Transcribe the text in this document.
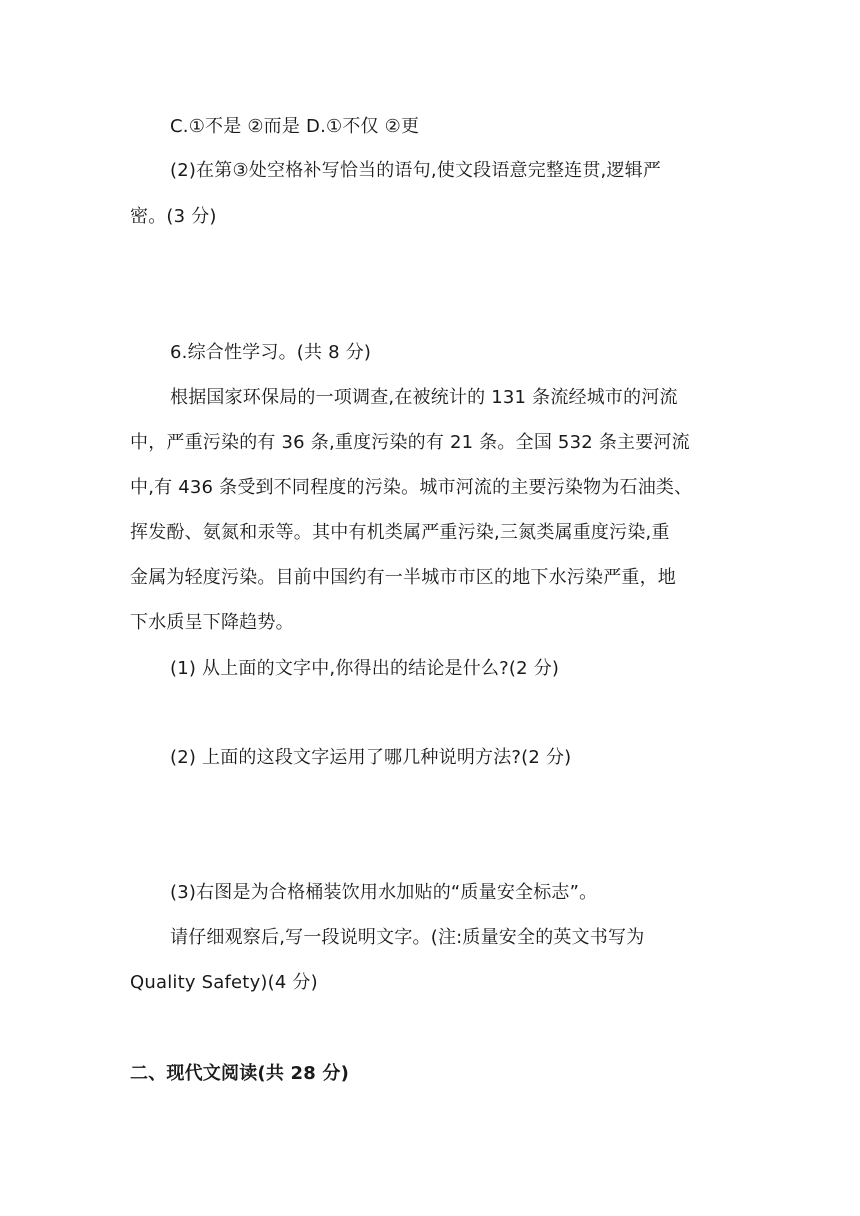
C.①不是 ②而是 D.①不仅 ②更
(2)在第③处空格补写恰当的语句,使文段语意完整连贯,逻辑严
密。(3 分)
6.综合性学习。(共 8 分)
根据国家环保局的一项调查,在被统计的 131 条流经城市的河流
中，严重污染的有 36 条,重度污染的有 21 条。全国 532 条主要河流
中,有 436 条受到不同程度的污染。城市河流的主要污染物为石油类、
挥发酚、氨氮和汞等。其中有机类属严重污染,三氮类属重度污染,重
金属为轻度污染。目前中国约有一半城市市区的地下水污染严重，地
下水质呈下降趋势。
(1) 从上面的文字中,你得出的结论是什么?(2 分)
(2) 上面的这段文字运用了哪几种说明方法?(2 分)
(3)右图是为合格桶装饮用水加贴的“质量安全标志”。
请仔细观察后,写一段说明文字。(注:质量安全的英文书写为
Quality Safety)(4 分)
二、现代文阅读(共 28 分)
